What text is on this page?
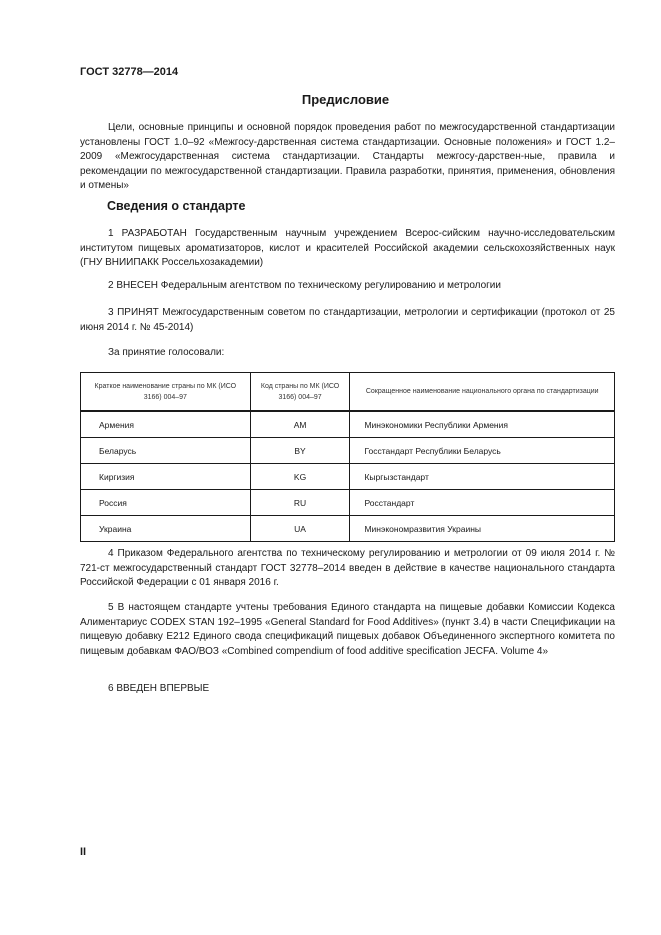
ГОСТ 32778—2014
Предисловие
Цели, основные принципы и основной порядок проведения работ по межгосударственной стандартизации установлены ГОСТ 1.0–92 «Межгосу-дарственная система стандартизации. Основные положения» и ГОСТ 1.2–2009 «Межгосударственная система стандартизации. Стандарты межгосу-дарствен-ные, правила и рекомендации по межгосударственной стандартизации. Правила разработки, принятия, применения, обновления и отмены»
Сведения о стандарте
1 РАЗРАБОТАН Государственным научным учреждением Всерос-сийским научно-исследовательским институтом пищевых ароматизаторов, кислот и красителей Российской академии сельскохозяйственных наук (ГНУ ВНИИПАКК Россельхозакадемии)
2 ВНЕСЕН Федеральным агентством по техническому регулированию и метрологии
3 ПРИНЯТ Межгосударственным советом по стандартизации, метрологии и сертификации (протокол от 25 июня 2014 г. № 45-2014)
За принятие голосовали:
Краткое наименование страны по МК (ИСО 3166) 004–97	Код страны по МК (ИСО 3166) 004–97	Сокращенное наименование национального органа по стандартизации
Армения	AM	Минэкономики Республики Армения
Беларусь	BY	Госстандарт Республики Беларусь
Киргизия	KG	Кыргызстандарт
Россия	RU	Росстандарт
Украина	UA	Минэкономразвития Украины
4 Приказом Федерального агентства по техническому регулированию и метрологии от 09 июля 2014 г. № 721-ст межгосударственный стандарт ГОСТ 32778–2014 введен в действие в качестве национального стандарта Российской Федерации с 01 января 2016 г.
5 В настоящем стандарте учтены требования Единого стандарта на пищевые добавки Комиссии Кодекса Алиментариус CODEX STAN 192–1995 «General Standard for Food Additives» (пункт 3.4) в части Спецификации на пищевую добавку Е212 Единого свода спецификаций пищевых добавок Объединенного экспертного комитета по пищевым добавкам ФАО/ВОЗ «Combined compendium of food additive specification JECFA. Volume 4»
6 ВВЕДЕН ВПЕРВЫЕ
II
